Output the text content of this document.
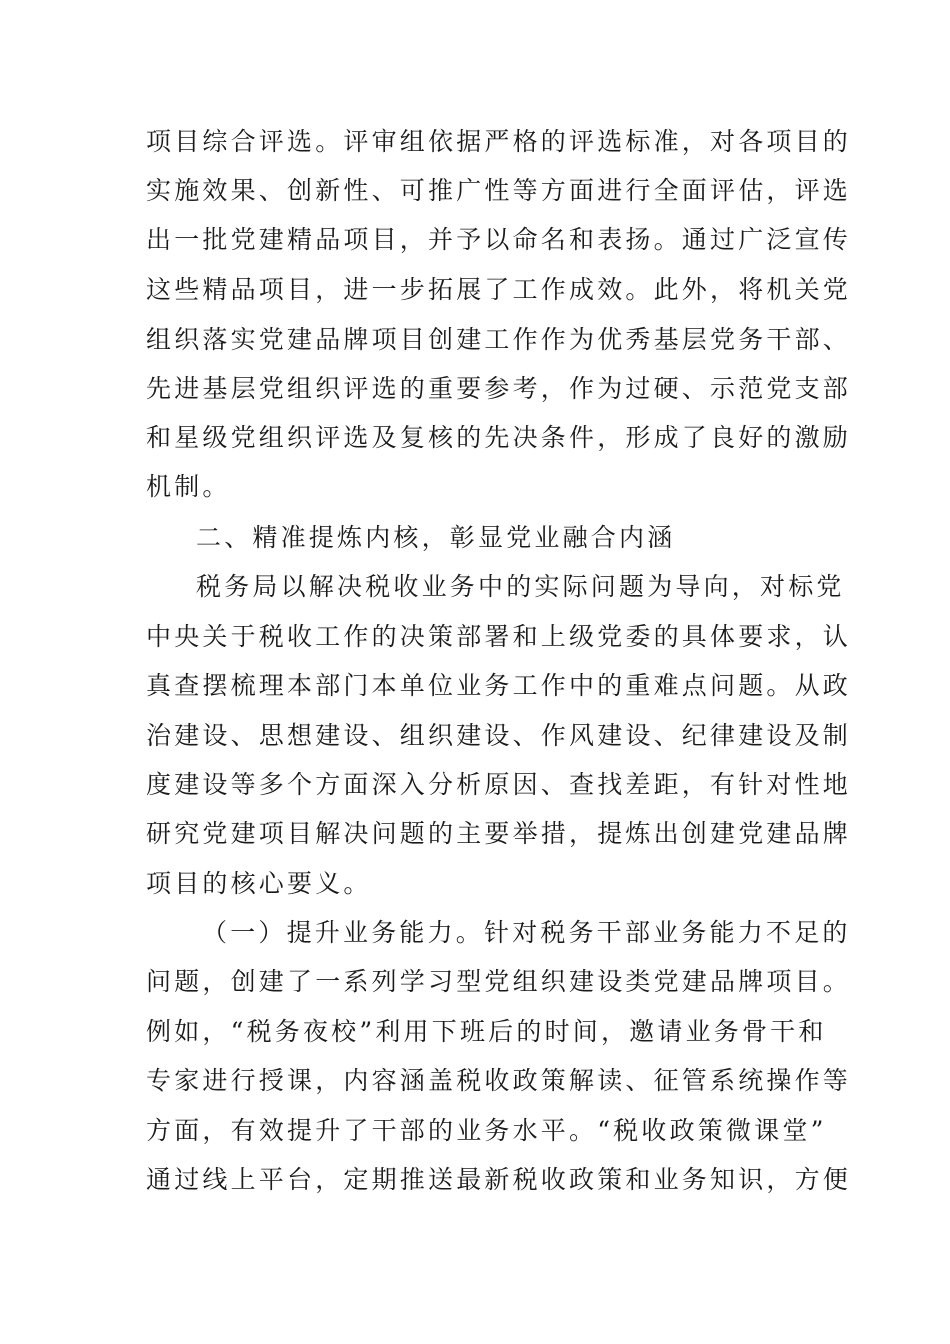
项目综合评选。评审组依据严格的评选标准，对各项目的
实施效果、创新性、可推广性等方面进行全面评估，评选
出一批党建精品项目，并予以命名和表扬。通过广泛宣传
这些精品项目，进一步拓展了工作成效。此外，将机关党
组织落实党建品牌项目创建工作作为优秀基层党务干部、
先进基层党组织评选的重要参考，作为过硬、示范党支部
和星级党组织评选及复核的先决条件，形成了良好的激励
机制。
二、精准提炼内核，彰显党业融合内涵
税务局以解决税收业务中的实际问题为导向，对标党
中央关于税收工作的决策部署和上级党委的具体要求，认
真查摆梳理本部门本单位业务工作中的重难点问题。从政
治建设、思想建设、组织建设、作风建设、纪律建设及制
度建设等多个方面深入分析原因、查找差距，有针对性地
研究党建项目解决问题的主要举措，提炼出创建党建品牌
项目的核心要义。
（一）提升业务能力。针对税务干部业务能力不足的
问题，创建了一系列学习型党组织建设类党建品牌项目。
例如，“税务夜校”利用下班后的时间，邀请业务骨干和
专家进行授课，内容涵盖税收政策解读、征管系统操作等
方面，有效提升了干部的业务水平。“税收政策微课堂”
通过线上平台，定期推送最新税收政策和业务知识，方便
